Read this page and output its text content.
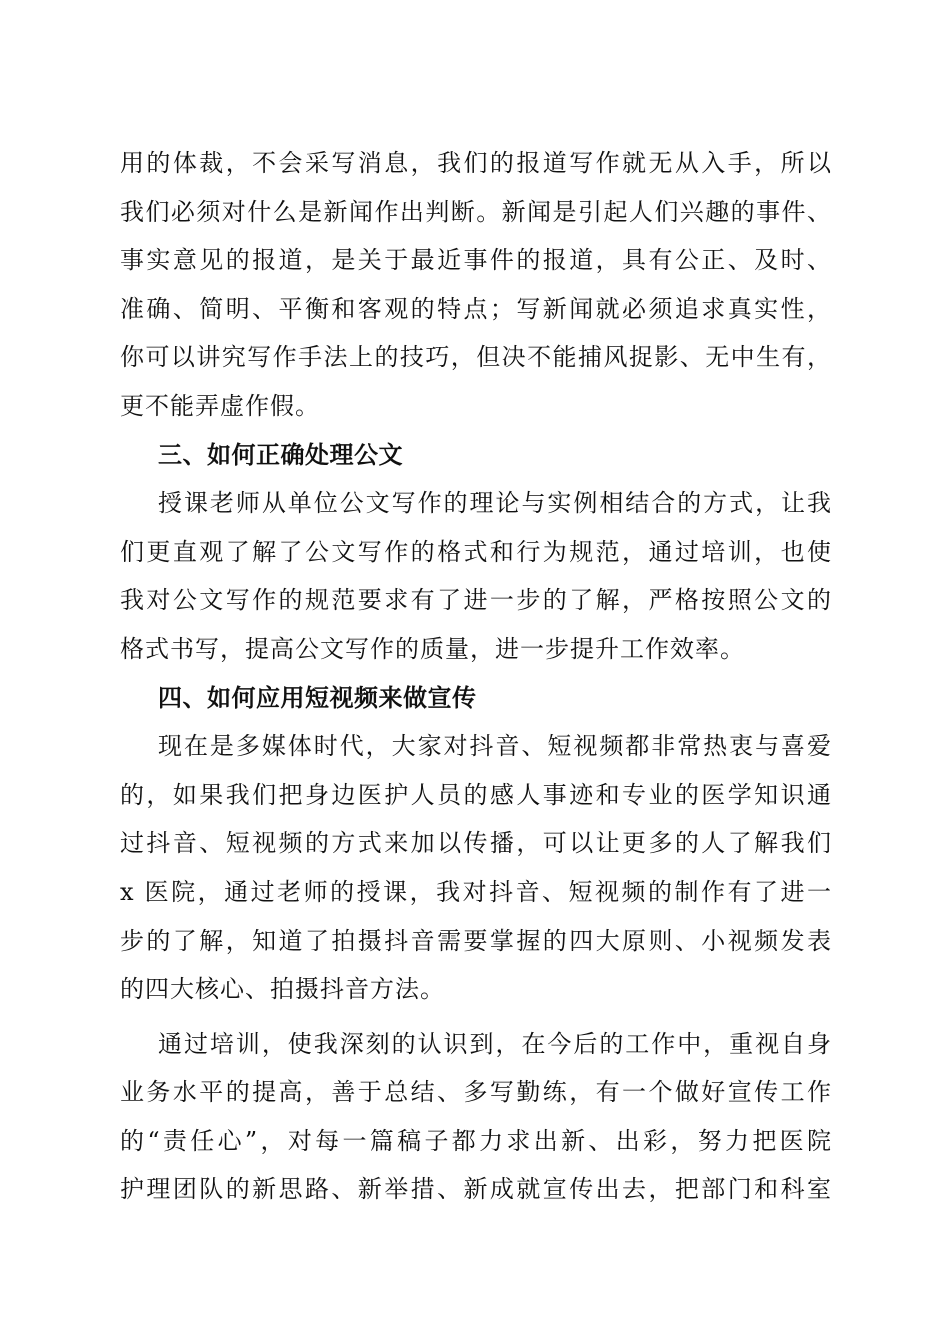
用的体裁，不会采写消息，我们的报道写作就无从入手，所以
我们必须对什么是新闻作出判断。新闻是引起人们兴趣的事件、
事实意见的报道，是关于最近事件的报道，具有公正、及时、
准确、简明、平衡和客观的特点；写新闻就必须追求真实性，
你可以讲究写作手法上的技巧，但决不能捕风捉影、无中生有，
更不能弄虚作假。
三、如何正确处理公文
授课老师从单位公文写作的理论与实例相结合的方式，让我
们更直观了解了公文写作的格式和行为规范，通过培训，也使
我对公文写作的规范要求有了进一步的了解，严格按照公文的
格式书写，提高公文写作的质量，进一步提升工作效率。
四、如何应用短视频来做宣传
现在是多媒体时代，大家对抖音、短视频都非常热衷与喜爱
的，如果我们把身边医护人员的感人事迹和专业的医学知识通
过抖音、短视频的方式来加以传播，可以让更多的人了解我们
x 医院，通过老师的授课，我对抖音、短视频的制作有了进一
步的了解，知道了拍摄抖音需要掌握的四大原则、小视频发表
的四大核心、拍摄抖音方法。
通过培训，使我深刻的认识到，在今后的工作中，重视自身
业务水平的提高，善于总结、多写勤练，有一个做好宣传工作
的“责任心”，对每一篇稿子都力求出新、出彩，努力把医院
护理团队的新思路、新举措、新成就宣传出去，把部门和科室
